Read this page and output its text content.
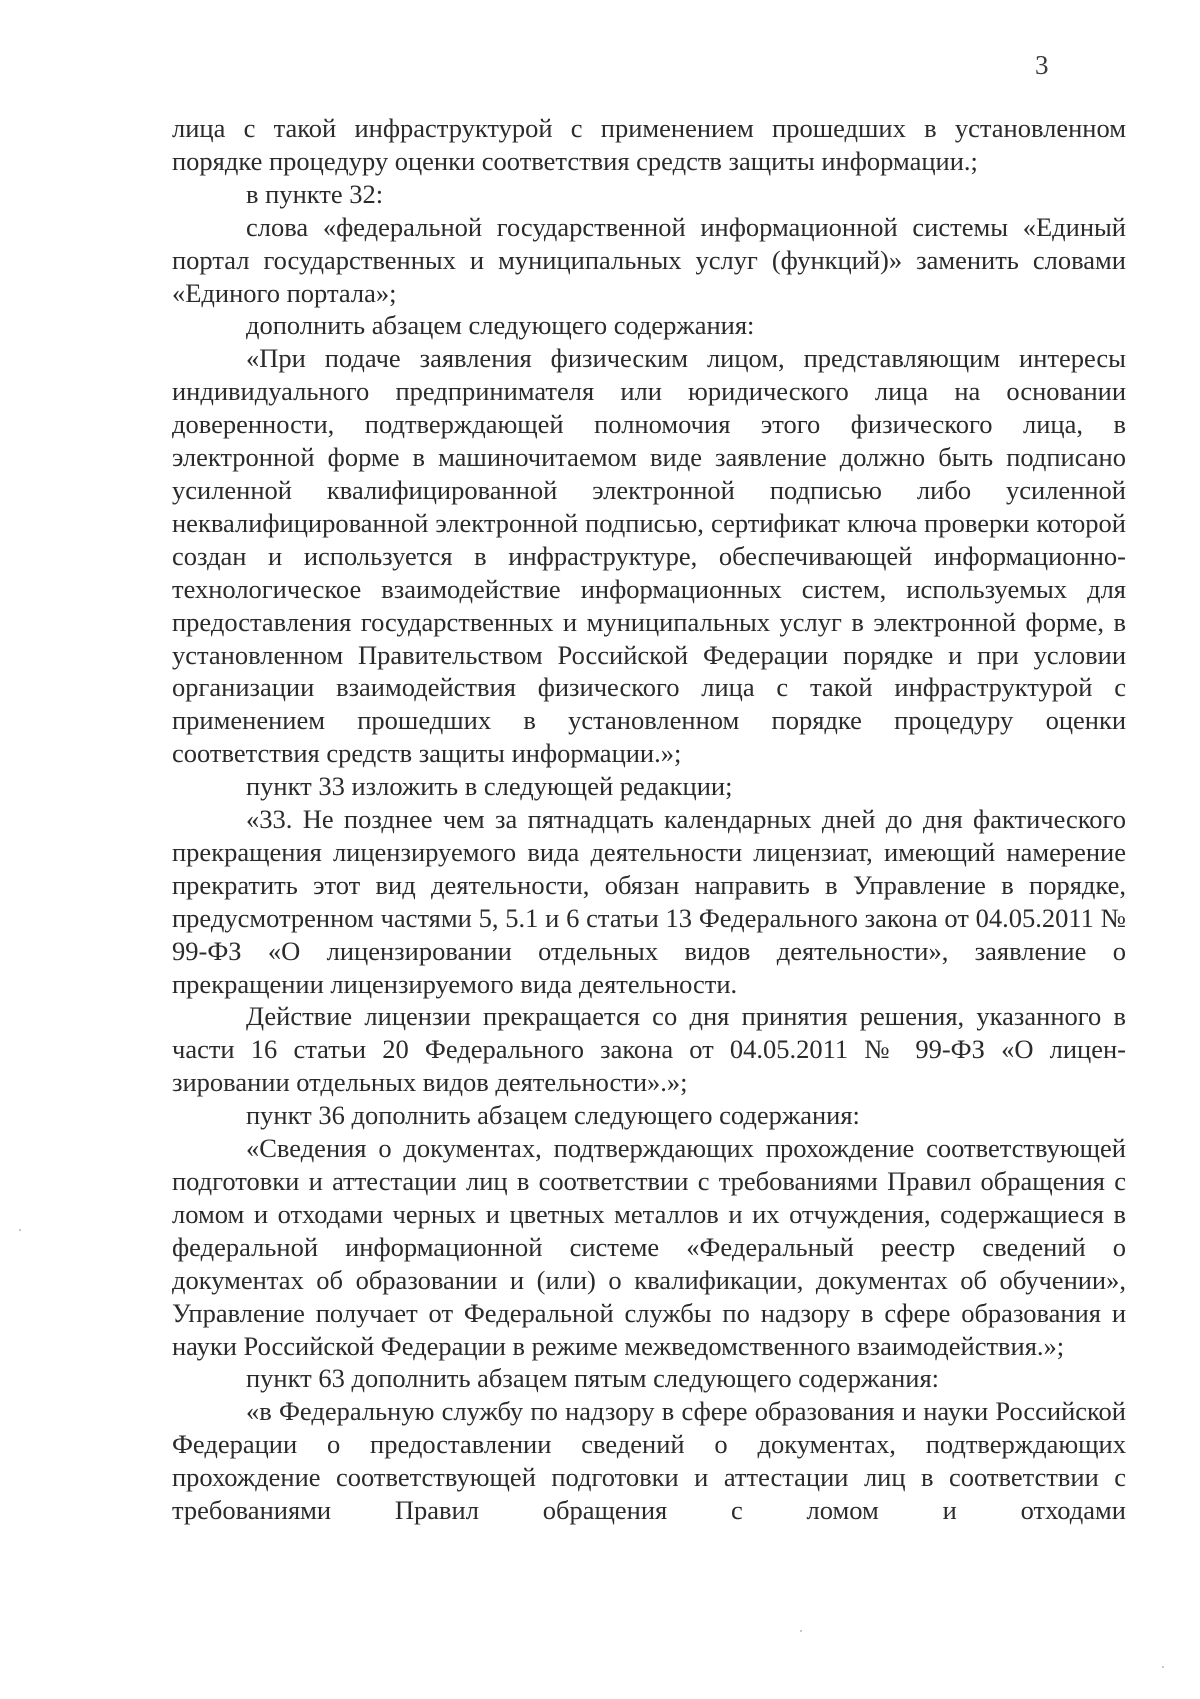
3

лица с такой инфраструктурой с применением прошедших в установленном порядке процедуру оценки соответствия средств защиты информации.;

в пункте 32:

слова «федеральной государственной информационной системы «Единый портал государственных и муниципальных услуг (функций)» заменить словами «Единого портала»;

дополнить абзацем следующего содержания:

«При подаче заявления физическим лицом, представляющим интересы индивидуального предпринимателя или юридического лица на основании доверенности, подтверждающей полномочия этого физического лица, в электронной форме в машиночитаемом виде заявление должно быть подписано усиленной квалифицированной электронной подписью либо усиленной неквалифицированной электронной подписью, сертификат ключа проверки которой создан и используется в инфраструктуре, обеспечивающей информационно-технологическое взаимодействие информационных систем, используемых для предоставления государственных и муниципальных услуг в электронной форме, в установленном Правительством Российской Федерации порядке и при условии организации взаимодействия физического лица с такой инфраструктурой с применением прошедших в установленном порядке процедуру оценки соответствия средств защиты информации.»;

пункт 33 изложить в следующей редакции;

«33. Не позднее чем за пятнадцать календарных дней до дня фактического прекращения лицензируемого вида деятельности лицензиат, имеющий намерение прекратить этот вид деятельности, обязан направить в Управление в порядке, предусмотренном частями 5, 5.1 и 6 статьи 13 Федерального закона от 04.05.2011 № 99-ФЗ «О лицензировании отдельных видов деятельности», заявление о прекращении лицензируемого вида деятельности.

Действие лицензии прекращается со дня принятия решения, указанного в части 16 статьи 20 Федерального закона от 04.05.2011 № 99-ФЗ «О лицен-зировании отдельных видов деятельности».»;

пункт 36 дополнить абзацем следующего содержания:

«Сведения о документах, подтверждающих прохождение соответствующей подготовки и аттестации лиц в соответствии с требованиями Правил обращения с ломом и отходами черных и цветных металлов и их отчуждения, содержащиеся в федеральной информационной системе «Федеральный реестр сведений о документах об образовании и (или) о квалификации, документах об обучении», Управление получает от Федеральной службы по надзору в сфере образования и науки Российской Федерации в режиме межведомственного взаимодействия.»;

пункт 63 дополнить абзацем пятым следующего содержания:

«в Федеральную службу по надзору в сфере образования и науки Российской Федерации о предоставлении сведений о документах, подтверждающих прохождение соответствующей подготовки и аттестации лиц в соответствии с требованиями Правил обращения с ломом и отходами
